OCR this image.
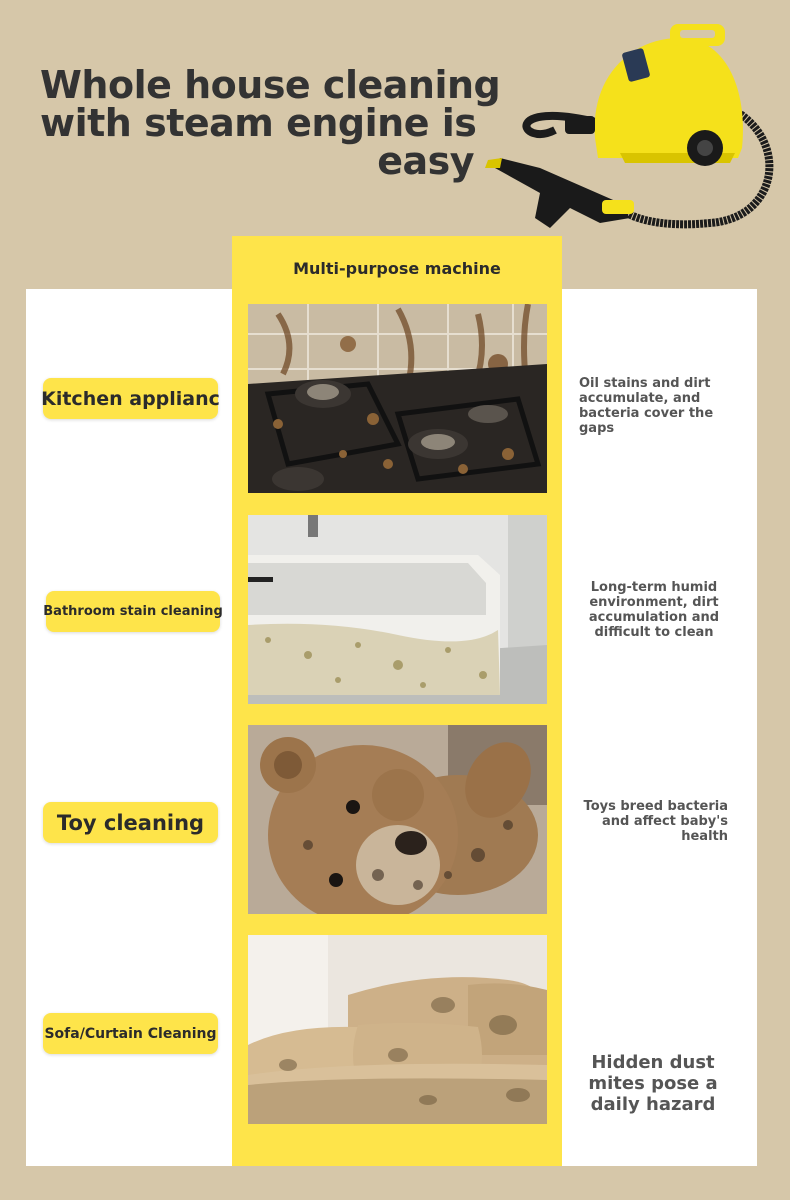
Whole house cleaning
with steam engine is
easy
Multi-purpose machine
Kitchen applianc
Oil stains and dirt accumulate, and bacteria cover the gaps
Bathroom stain cleaning
Long-term humid environment, dirt accumulation and difficult to clean
Toy cleaning
Toys breed bacteria and affect baby's health
Sofa/Curtain Cleaning
Hidden dust mites pose a daily hazard
